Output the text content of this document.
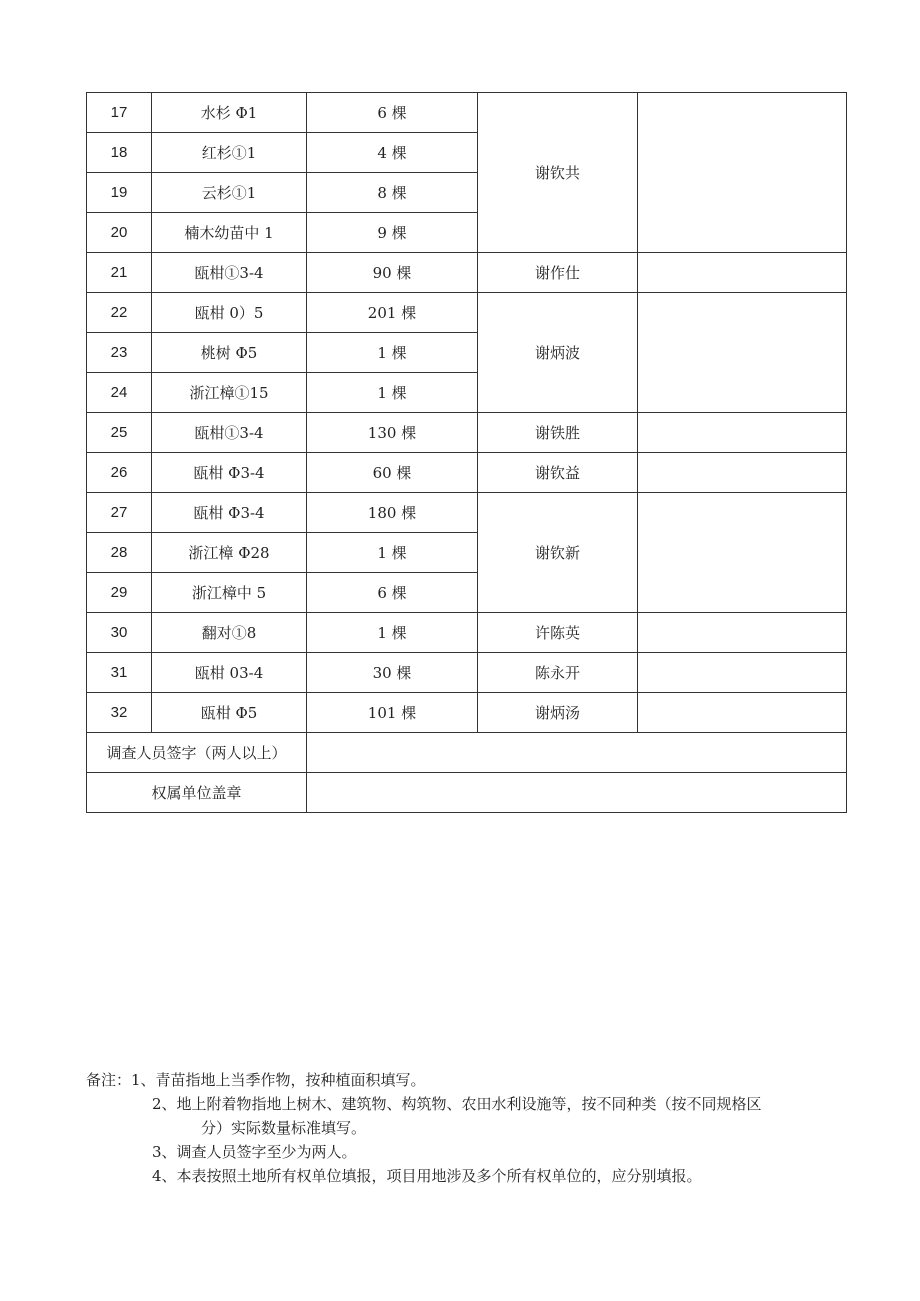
17	水杉 Φ1	6 棵	谢钦共	
18	红杉①1	4 棵		
19	云杉①1	8 棵		
20	楠木幼苗中 1	9 棵		
21	瓯柑①3-4	90 棵	谢作仕	
22	瓯柑 0）5	201 棵	谢炳波	
23	桃树 Φ5	1 棵		
24	浙江樟①15	1 棵		
25	瓯柑①3-4	130 棵	谢铁胜	
26	瓯柑 Φ3-4	60 棵	谢钦益	
27	瓯柑 Φ3-4	180 棵	谢钦新	
28	浙江樟 Φ28	1 棵		
29	浙江樟中 5	6 棵		
30	翻对①8	1 棵	许陈英	
31	瓯柑 03-4	30 棵	陈永开	
32	瓯柑 Φ5	101 棵	谢炳汤	
调查人员签字（两人以上）				
权属单位盖章				
备注：1、青苗指地上当季作物，按种植面积填写。
2、地上附着物指地上树木、建筑物、构筑物、农田水利设施等，按不同种类（按不同规格区
分）实际数量标准填写。
3、调查人员签字至少为两人。
4、本表按照土地所有权单位填报，项目用地涉及多个所有权单位的，应分别填报。
